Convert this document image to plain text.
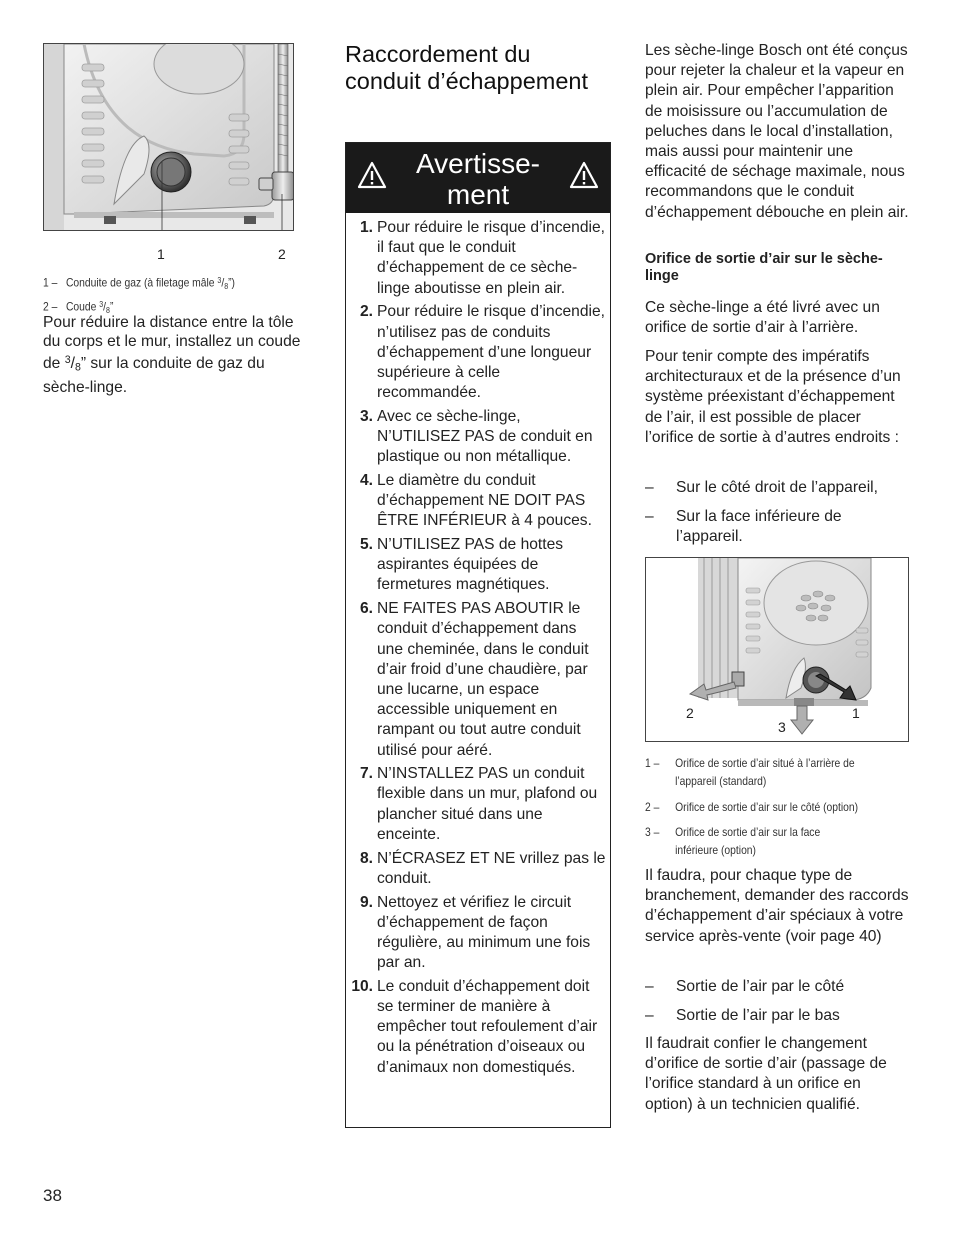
1	2
1 – Conduite de gaz (à filetage mâle $^3/_8$”)
2 – Coude $^3/_8$”
Pour réduire la distance entre la tôle du corps et le mur, installez un coude de $^3/_8$” sur la conduite de gaz du sèche-linge.
Raccordement du conduit d’échappement
Avertisse-
ment
1. Pour réduire le risque d’incendie, il faut que le conduit d’échappement de ce sèche-linge aboutisse en plein air.
2. Pour réduire le risque d’incendie, n’utilisez pas de conduits d’échappement d’une longueur supérieure à celle recommandée.
3. Avec ce sèche-linge, N’UTILISEZ PAS de conduit en plastique ou non métallique.
4. Le diamètre du conduit d’échappement NE DOIT PAS ÊTRE INFÉRIEUR à 4 pouces.
5. N’UTILISEZ PAS de hottes aspirantes équipées de fermetures magnétiques.
6. NE FAITES PAS ABOUTIR le conduit d’échappement dans une cheminée, dans le conduit d’air froid d’une chaudière, par une lucarne, un espace accessible uniquement en rampant ou tout autre conduit utilisé pour aéré.
7. N’INSTALLEZ PAS un conduit flexible dans un mur, plafond ou plancher situé dans une enceinte.
8. N’ÉCRASEZ ET NE vrillez pas le conduit.
9. Nettoyez et vérifiez le circuit d’échappement de façon régulière, au minimum une fois par an.
10. Le conduit d’échappement doit se terminer de manière à empêcher tout refoulement d’air ou la pénétration d’oiseaux ou d’animaux non domestiqués.
Les sèche-linge Bosch ont été conçus pour rejeter la chaleur et la vapeur en plein air. Pour empêcher l’apparition de moisissure ou l’accumulation de peluches dans le local d’installation, mais aussi pour maintenir une efficacité de séchage maximale, nous recommandons que le conduit d’échappement débouche en plein air.
Orifice de sortie d’air sur le sèche-linge
Ce sèche-linge a été livré avec un orifice de sortie d’air à l’arrière.
Pour tenir compte des impératifs architecturaux et de la présence d’un système préexistant d’échappement de l’air, il est possible de placer l’orifice de sortie à d’autres endroits :
–	Sur le côté droit de l’appareil,
–	Sur la face inférieure de l’appareil.
2	1
3
1 – Orifice de sortie d’air situé à l’arrière de
l’appareil (standard)
2 – Orifice de sortie d’air sur le côté (option)
3 – Orifice de sortie d’air sur la face
inférieure (option)
Il faudra, pour chaque type de branchement, demander des raccords d’échappement d’air spéciaux à votre service après-vente (voir page 40)
–	Sortie de l’air par le côté
–	Sortie de l’air par le bas
Il faudrait confier le changement d’orifice de sortie d’air (passage de l’orifice standard à un orifice en option) à un technicien qualifié.
38
